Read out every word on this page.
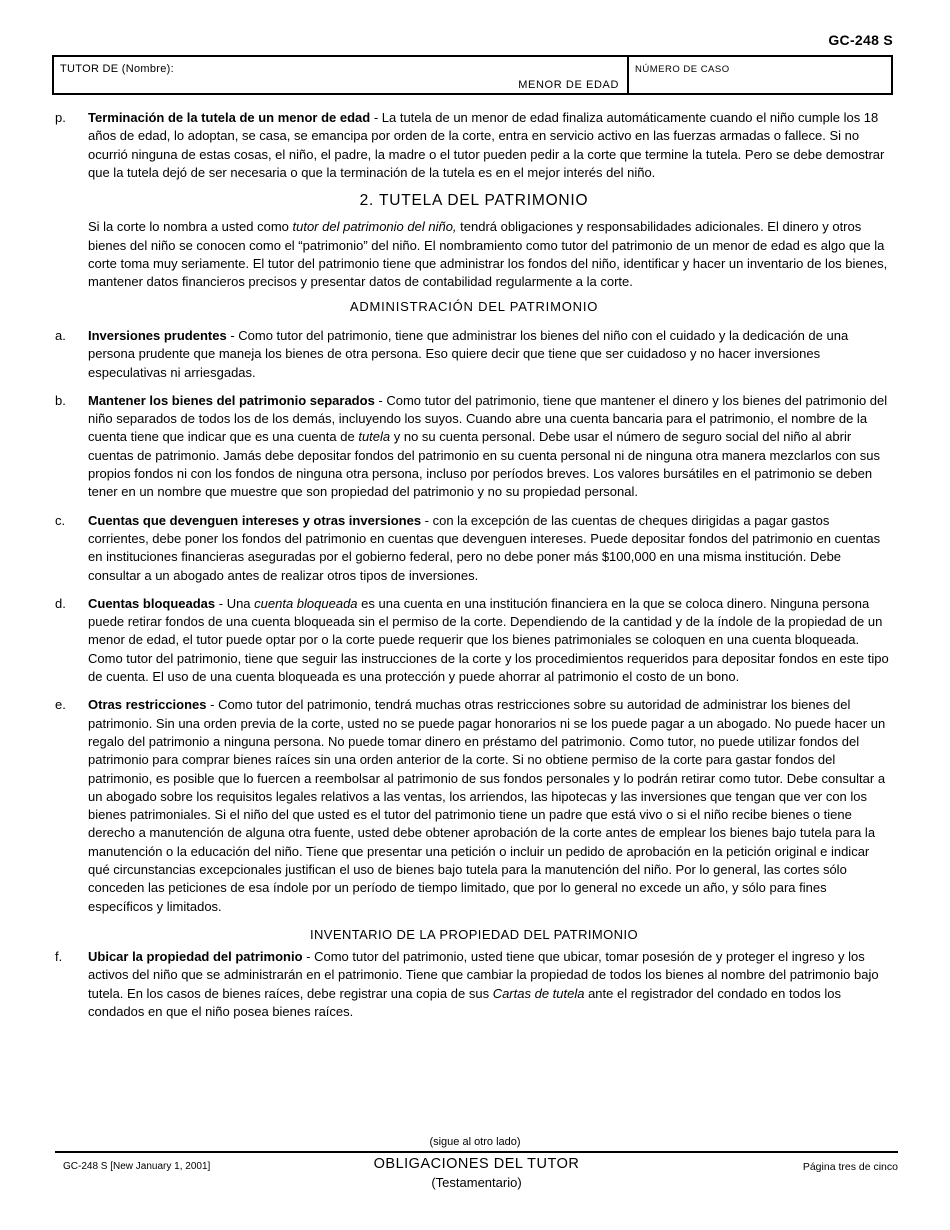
GC-248 S
TUTOR DE (Nombre):
MENOR DE EDAD
NÚMERO DE CASO
p.	Terminación de la tutela de un menor de edad - La tutela de un menor de edad finaliza automáticamente cuando el niño cumple los 18 años de edad, lo adoptan, se casa, se emancipa por orden de la corte, entra en servicio activo en las fuerzas armadas o fallece. Si no ocurrió ninguna de estas cosas, el niño, el padre, la madre o el tutor pueden pedir a la corte que termine la tutela. Pero se debe demostrar que la tutela dejó de ser necesaria o que la terminación de la tutela es en el mejor interés del niño.
2. TUTELA DEL PATRIMONIO
Si la corte lo nombra a usted como tutor del patrimonio del niño, tendrá obligaciones y responsabilidades adicionales. El dinero y otros bienes del niño se conocen como el “patrimonio” del niño. El nombramiento como tutor del patrimonio de un menor de edad es algo que la corte toma muy seriamente. El tutor del patrimonio tiene que administrar los fondos del niño, identificar y hacer un inventario de los bienes, mantener datos financieros precisos y presentar datos de contabilidad regularmente a la corte.
ADMINISTRACIÓN DEL PATRIMONIO
a.	Inversiones prudentes - Como tutor del patrimonio, tiene que administrar los bienes del niño con el cuidado y la dedicación de una persona prudente que maneja los bienes de otra persona. Eso quiere decir que tiene que ser cuidadoso y no hacer inversiones especulativas ni arriesgadas.
b.	Mantener los bienes del patrimonio separados - Como tutor del patrimonio, tiene que mantener el dinero y los bienes del patrimonio del niño separados de todos los de los demás, incluyendo los suyos. Cuando abre una cuenta bancaria para el patrimonio, el nombre de la cuenta tiene que indicar que es una cuenta de tutela y no su cuenta personal. Debe usar el número de seguro social del niño al abrir cuentas de patrimonio. Jamás debe depositar fondos del patrimonio en su cuenta personal ni de ninguna otra manera mezclarlos con sus propios fondos ni con los fondos de ninguna otra persona, incluso por períodos breves. Los valores bursátiles en el patrimonio se deben tener en un nombre que muestre que son propiedad del patrimonio y no su propiedad personal.
c.	Cuentas que devenguen intereses y otras inversiones - con la excepción de las cuentas de cheques dirigidas a pagar gastos corrientes, debe poner los fondos del patrimonio en cuentas que devenguen intereses. Puede depositar fondos del patrimonio en cuentas en instituciones financieras aseguradas por el gobierno federal, pero no debe poner más $100,000 en una misma institución. Debe consultar a un abogado antes de realizar otros tipos de inversiones.
d.	Cuentas bloqueadas - Una cuenta bloqueada es una cuenta en una institución financiera en la que se coloca dinero. Ninguna persona puede retirar fondos de una cuenta bloqueada sin el permiso de la corte. Dependiendo de la cantidad y de la índole de la propiedad de un menor de edad, el tutor puede optar por o la corte puede requerir que los bienes patrimoniales se coloquen en una cuenta bloqueada. Como tutor del patrimonio, tiene que seguir las instrucciones de la corte y los procedimientos requeridos para depositar fondos en este tipo de cuenta. El uso de una cuenta bloqueada es una protección y puede ahorrar al patrimonio el costo de un bono.
e.	Otras restricciones - Como tutor del patrimonio, tendrá muchas otras restricciones sobre su autoridad de administrar los bienes del patrimonio. Sin una orden previa de la corte, usted no se puede pagar honorarios ni se los puede pagar a un abogado. No puede hacer un regalo del patrimonio a ninguna persona. No puede tomar dinero en préstamo del patrimonio. Como tutor, no puede utilizar fondos del patrimonio para comprar bienes raíces sin una orden anterior de la corte. Si no obtiene permiso de la corte para gastar fondos del patrimonio, es posible que lo fuercen a reembolsar al patrimonio de sus fondos personales y lo podrán retirar como tutor. Debe consultar a un abogado sobre los requisitos legales relativos a las ventas, los arriendos, las hipotecas y las inversiones que tengan que ver con los bienes patrimoniales. Si el niño del que usted es el tutor del patrimonio tiene un padre que está vivo o si el niño recibe bienes o tiene derecho a manutención de alguna otra fuente, usted debe obtener aprobación de la corte antes de emplear los bienes bajo tutela para la manutención o la educación del niño. Tiene que presentar una petición o incluir un pedido de aprobación en la petición original e indicar qué circunstancias excepcionales justifican el uso de bienes bajo tutela para la manutención del niño. Por lo general, las cortes sólo conceden las peticiones de esa índole por un período de tiempo limitado, que por lo general no excede un año, y sólo para fines específicos y limitados.
INVENTARIO DE LA PROPIEDAD DEL PATRIMONIO
f.	Ubicar la propiedad del patrimonio - Como tutor del patrimonio, usted tiene que ubicar, tomar posesión de y proteger el ingreso y los activos del niño que se administrarán en el patrimonio. Tiene que cambiar la propiedad de todos los bienes al nombre del patrimonio bajo tutela. En los casos de bienes raíces, debe registrar una copia de sus Cartas de tutela ante el registrador del condado en todos los condados en que el niño posea bienes raíces.
(sigue al otro lado)
GC-248 S [New January 1, 2001]	OBLIGACIONES DEL TUTOR
(Testamentario)
Página tres de cinco
